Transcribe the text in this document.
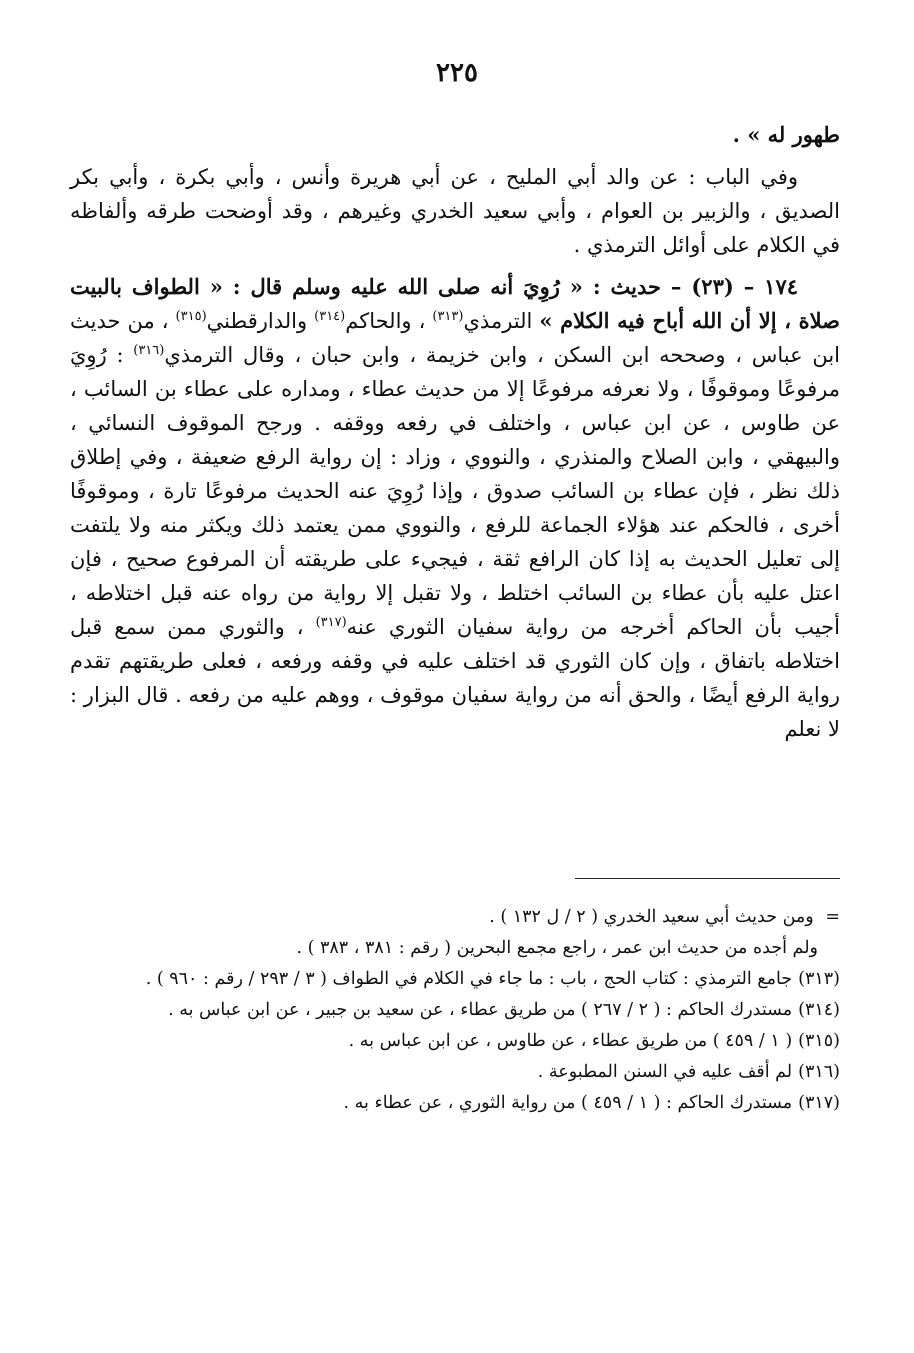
٢٢٥

طهور له » .

وفي الباب : عن والد أبي المليح ، عن أبي هريرة وأنس ، وأبي بكرة ، وأبي بكر الصديق ، والزبير بن العوام ، وأبي سعيد الخدري وغيرهم ، وقد أوضحت طرقه وألفاظه في الكلام على أوائل الترمذي .

١٧٤ – (٢٣) – حديث : « رُوِيَ أنه صلى الله عليه وسلم قال : « الطواف بالبيت صلاة ، إلا أن الله أباح فيه الكلام » الترمذي$^{(٣١٣)}$ ، والحاكم$^{(٣١٤)}$ والدارقطني$^{(٣١٥)}$ ، من حديث ابن عباس ، وصححه ابن السكن ، وابن خزيمة ، وابن حبان ، وقال الترمذي$^{(٣١٦)}$ : رُوِيَ مرفوعًا وموقوفًا ، ولا نعرفه مرفوعًا إلا من حديث عطاء ، ومداره على عطاء بن السائب ، عن طاوس ، عن ابن عباس ، واختلف في رفعه ووقفه . ورجح الموقوف النسائي ، والبيهقي ، وابن الصلاح والمنذري ، والنووي ، وزاد : إن رواية الرفع ضعيفة ، وفي إطلاق ذلك نظر ، فإن عطاء بن السائب صدوق ، وإذا رُوِيَ عنه الحديث مرفوعًا تارة ، وموقوفًا أخرى ، فالحكم عند هؤلاء الجماعة للرفع ، والنووي ممن يعتمد ذلك ويكثر منه ولا يلتفت إلى تعليل الحديث به إذا كان الرافع ثقة ، فيجيء على طريقته أن المرفوع صحيح ، فإن اعتل عليه بأن عطاء بن السائب اختلط ، ولا تقبل إلا رواية من رواه عنه قبل اختلاطه ، أجيب بأن الحاكم أخرجه من رواية سفيان الثوري عنه$^{(٣١٧)}$ ، والثوري ممن سمع قبل اختلاطه باتفاق ، وإن كان الثوري قد اختلف عليه في وقفه ورفعه ، فعلى طريقتهم تقدم رواية الرفع أيضًا ، والحق أنه من رواية سفيان موقوف ، ووهم عليه من رفعه . قال البزار : لا نعلم

= ومن حديث أبي سعيد الخدري ( ٢ / ل ١٣٢ ) .

ولم أجده من حديث ابن عمر ، راجع مجمع البحرين ( رقم : ٣٨١ ، ٣٨٣ ) .

(٣١٣)جامع الترمذي : كتاب الحج ، باب : ما جاء في الكلام في الطواف ( ٣ / ٢٩٣ / رقم : ٩٦٠ ) .

(٣١٤)مستدرك الحاكم : ( ٢ / ٢٦٧ ) من طريق عطاء ، عن سعيد بن جبير ، عن ابن عباس به .

(٣١٥)( ١ / ٤٥٩ ) من طريق عطاء ، عن طاوس ، عن ابن عباس به .

(٣١٦)لم أقف عليه في السنن المطبوعة .

(٣١٧)مستدرك الحاكم : ( ١ / ٤٥٩ ) من رواية الثوري ، عن عطاء به .
